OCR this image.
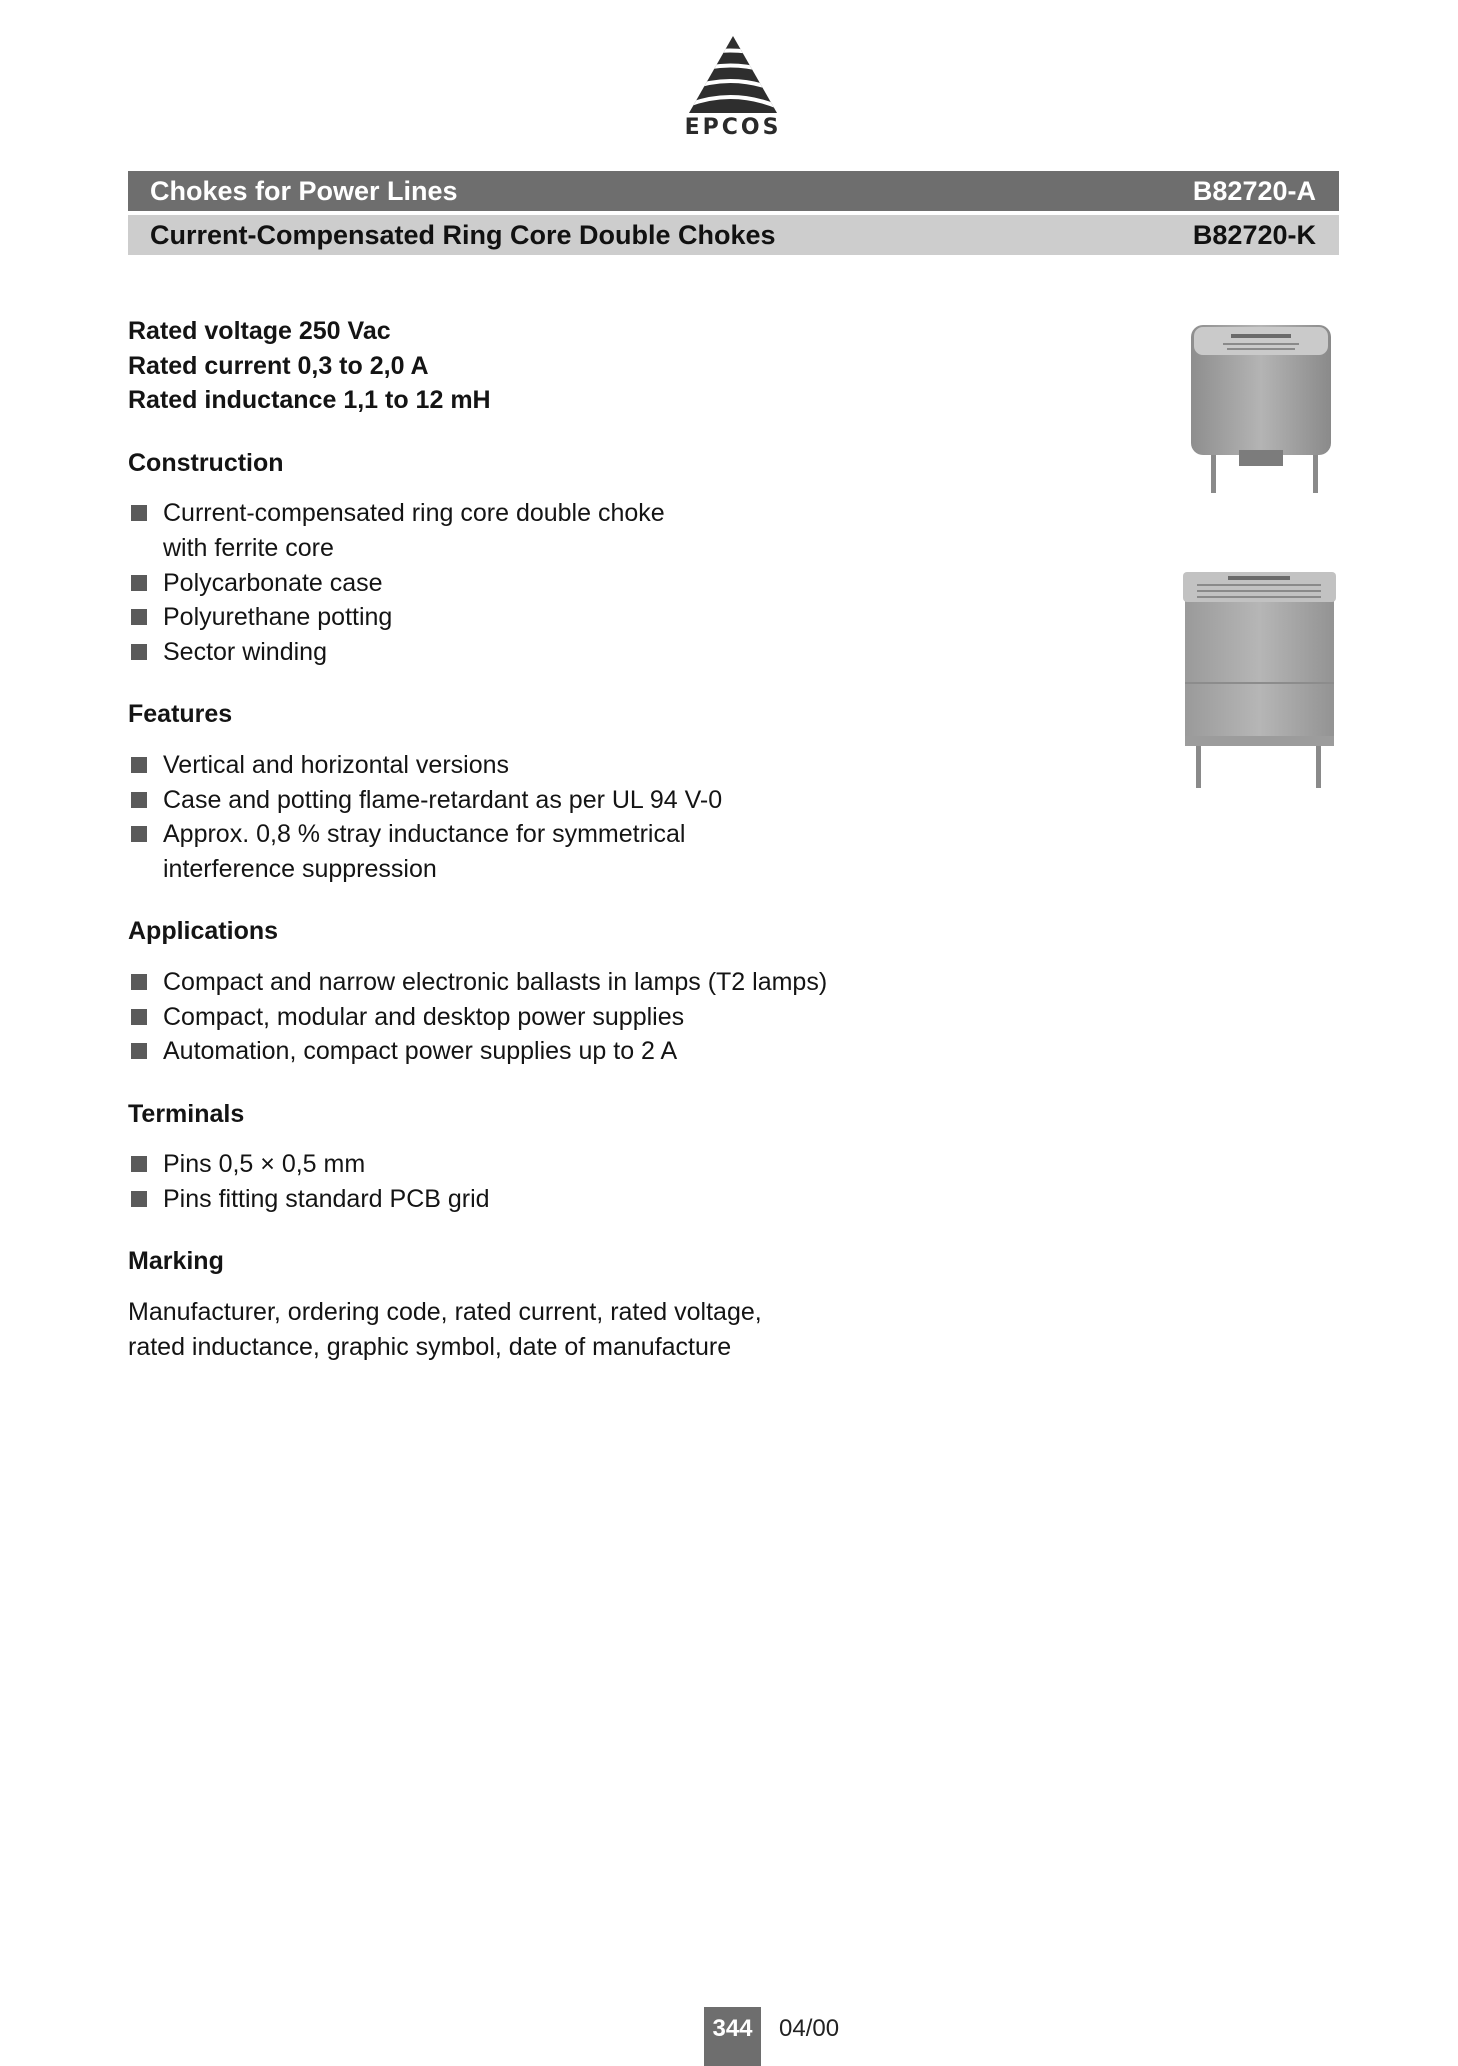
EPCOS
Chokes for Power Lines	B82720-A
Current-Compensated Ring Core Double Chokes	B82720-K
Rated voltage 250 Vac
Rated current 0,3 to 2,0 A
Rated inductance 1,1 to 12 mH
Construction
Current-compensated ring core double choke
with ferrite core
Polycarbonate case
Polyurethane potting
Sector winding
Features
Vertical and horizontal versions
Case and potting flame-retardant as per UL 94 V-0
Approx. 0,8 % stray inductance for symmetrical
interference suppression
Applications
Compact and narrow electronic ballasts in lamps (T2 lamps)
Compact, modular and desktop power supplies
Automation, compact power supplies up to 2 A
Terminals
Pins 0,5 × 0,5 mm
Pins fitting standard PCB grid
Marking
Manufacturer, ordering code, rated current, rated voltage,
rated inductance, graphic symbol, date of manufacture
344	04/00
